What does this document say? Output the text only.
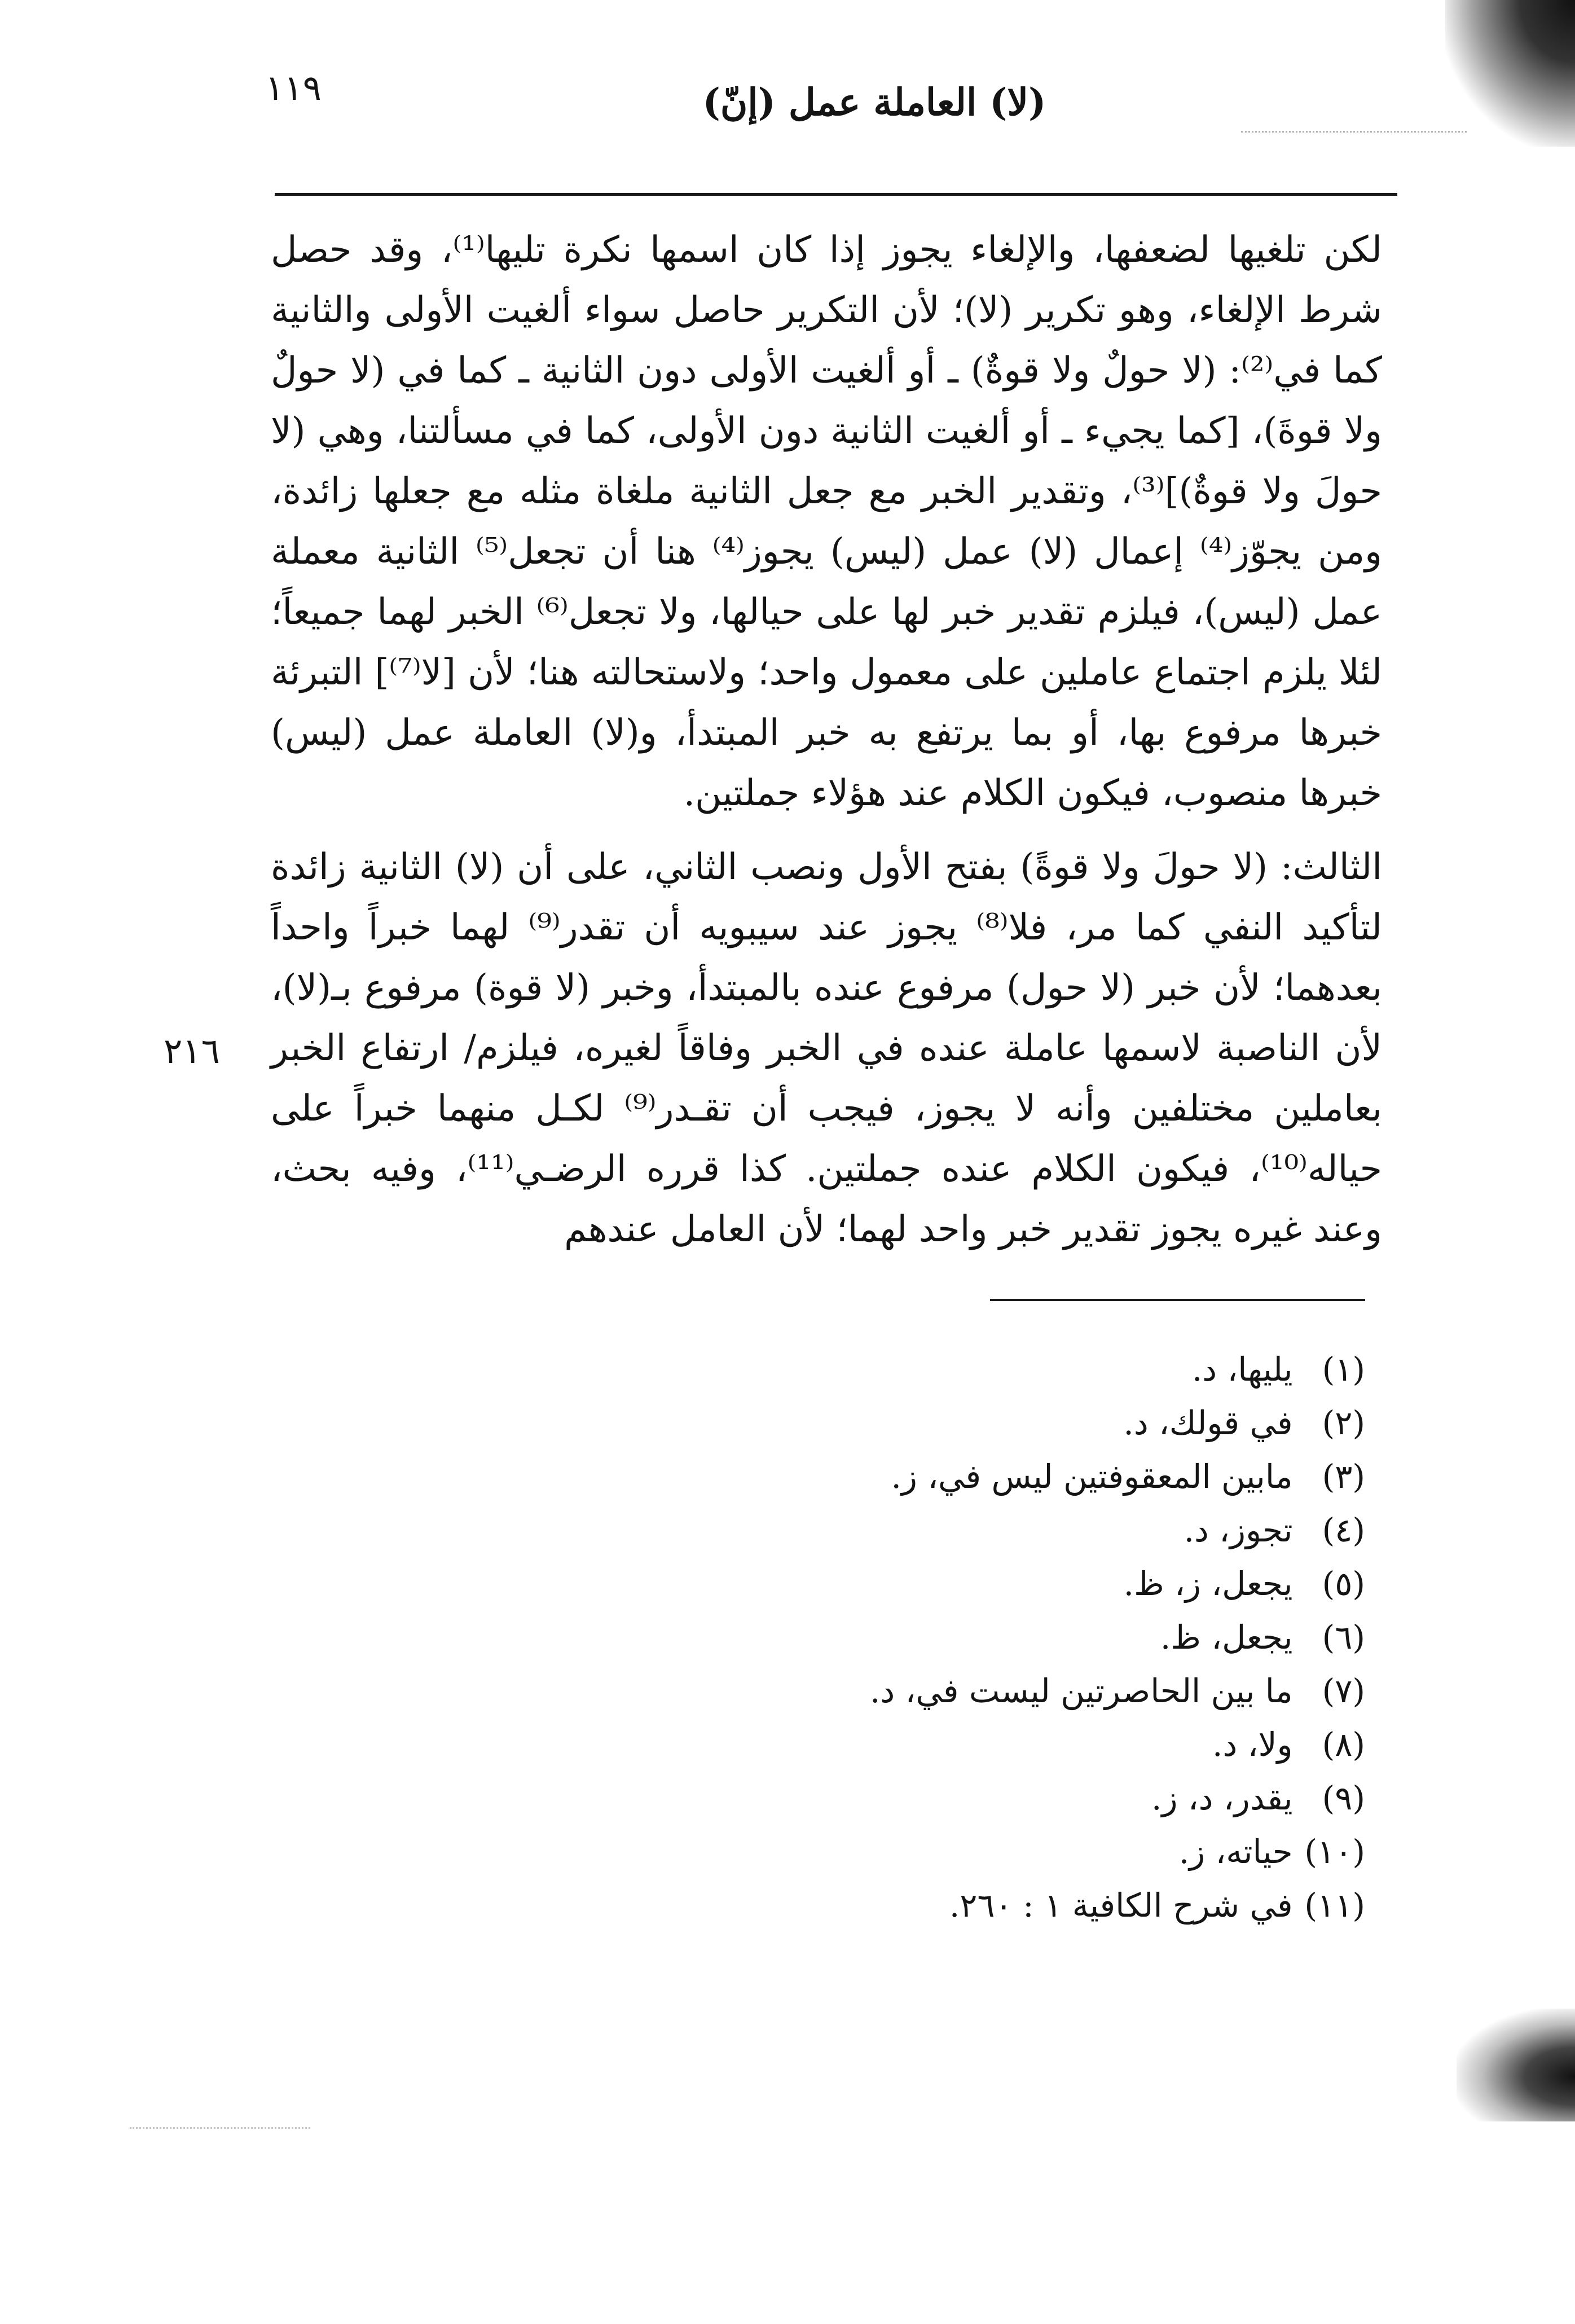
١١٩	(لا) العاملة عمل (إنّ)

لكن تلغيها لضعفها، والإلغاء يجوز إذا كان اسمها نكرة تليها⁽¹⁾، وقد حصل شرط الإلغاء، وهو تكرير (لا)؛ لأن التكرير حاصل سواء ألغيت الأولى والثانية كما في⁽²⁾: (لا حولٌ ولا قوةٌ) ـ أو ألغيت الأولى دون الثانية ـ كما في (لا حولٌ ولا قوةَ)، [كما يجيء ـ أو ألغيت الثانية دون الأولى، كما في مسألتنا، وهي (لا حولَ ولا قوةٌ)]⁽³⁾، وتقدير الخبر مع جعل الثانية ملغاة مثله مع جعلها زائدة، ومن يجوّز⁽⁴⁾ إعمال (لا) عمل (ليس) يجوز⁽⁴⁾ هنا أن تجعل⁽⁵⁾ الثانية معملة عمل (ليس)، فيلزم تقدير خبر لها على حيالها، ولا تجعل⁽⁶⁾ الخبر لهما جميعاً؛ لئلا يلزم اجتماع عاملين على معمول واحد؛ ولاستحالته هنا؛ لأن [لا⁽⁷⁾] التبرئة خبرها مرفوع بها، أو بما يرتفع به خبر المبتدأ، و(لا) العاملة عمل (ليس) خبرها منصوب، فيكون الكلام عند هؤلاء جملتين.

الثالث: (لا حولَ ولا قوةً) بفتح الأول ونصب الثاني، على أن (لا) الثانية زائدة لتأكيد النفي كما مر، فلا⁽⁸⁾ يجوز عند سيبويه أن تقدر⁽⁹⁾ لهما خبراً واحداً بعدهما؛ لأن خبر (لا حول) مرفوع عنده بالمبتدأ، وخبر (لا قوة) مرفوع بـ(لا)، لأن الناصبة لاسمها عاملة عنده في الخبر وفاقاً لغيره، فيلزم/ ارتفاع الخبر بعاملين مختلفين وأنه لا يجوز، فيجب أن تقـدر⁽⁹⁾ لكـل منهما خبراً على حياله⁽¹⁰⁾، فيكون الكلام عنده جملتين. كذا قرره الرضـي⁽¹¹⁾، وفيه بحث، وعند غيره يجوز تقدير خبر واحد لهما؛ لأن العامل عندهم

٢١٦
(١) يليها، د.
(٢) في قولك، د.
(٣) مابين المعقوفتين ليس في، ز.
(٤) تجوز، د.
(٥) يجعل، ز، ظ.
(٦) يجعل، ظ.
(٧) ما بين الحاصرتين ليست في، د.
(٨) ولا، د.
(٩) يقدر، د، ز.
(١٠) حياته، ز.
(١١) في شرح الكافية ١ : ٢٦٠.
